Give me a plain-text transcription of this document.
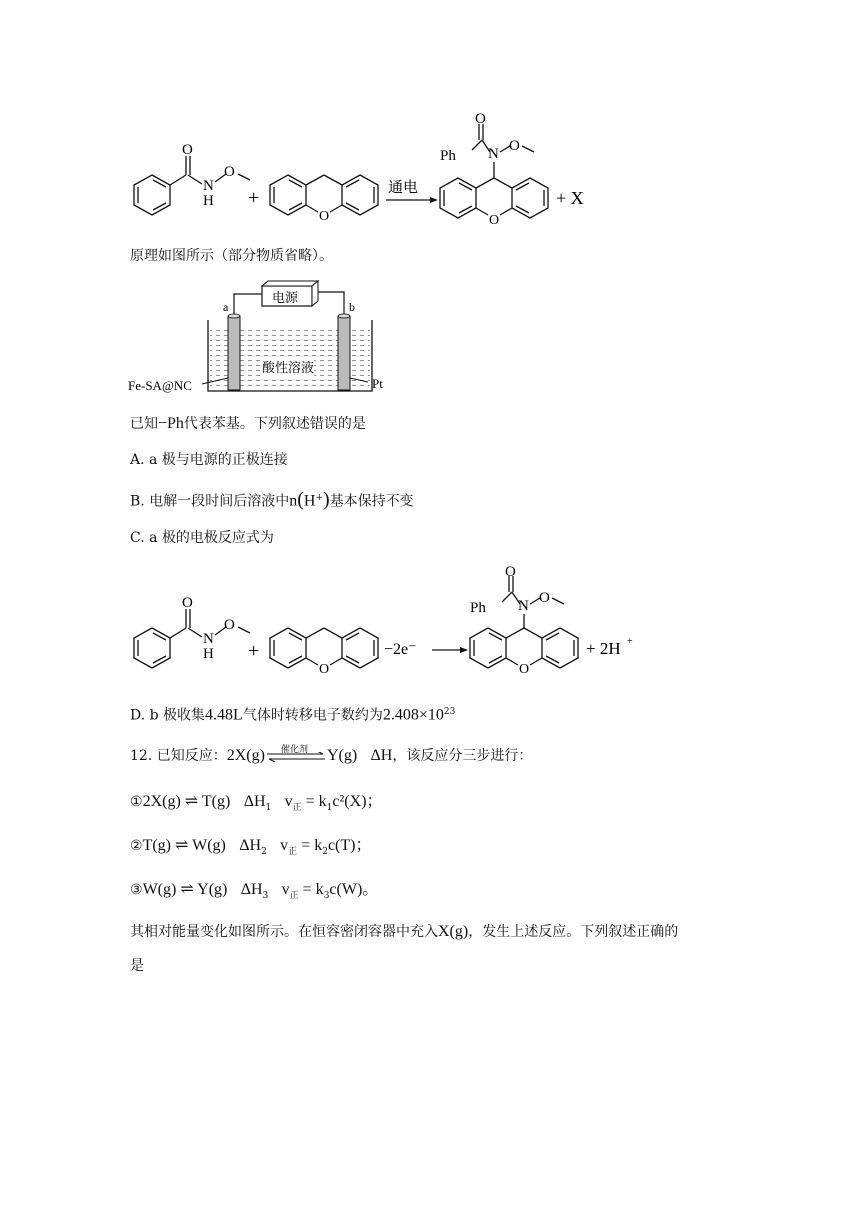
O
N
H
O
+
O
通电
O
Ph N O
O
+ X
原理如图所示（部分物质省略）。
电源
a	b
酸性溶液
Fe-SA@NC	Pt
已知−Ph代表苯基。下列叙述错误的是
A. a 极与电源的正极连接
B. 电解一段时间后溶液中n(H+)基本保持不变
C. a 极的电极反应式为
O
N
H
O
+
O
−2e⁻
O
Ph N O
O
+ 2H +
D. b 极收集4.48L气体时转移电子数约为$2.408\times 10^{23}$
12. 已知反应：2X(g) 催化剂 Y(g) ΔH，该反应分三步进行：
①2X(g) ⇌ T(g) $\Delta H_1$ $v_正 = k_1c^2(X)$；
②T(g) ⇌ W(g) $\Delta H_2$ $v_正 = k_2c(T)$；
③W(g) ⇌ Y(g) $\Delta H_3$ $v_正 = k_3c(W)$。
其相对能量变化如图所示。在恒容密闭容器中充入X(g)，发生上述反应。下列叙述正确的
是
